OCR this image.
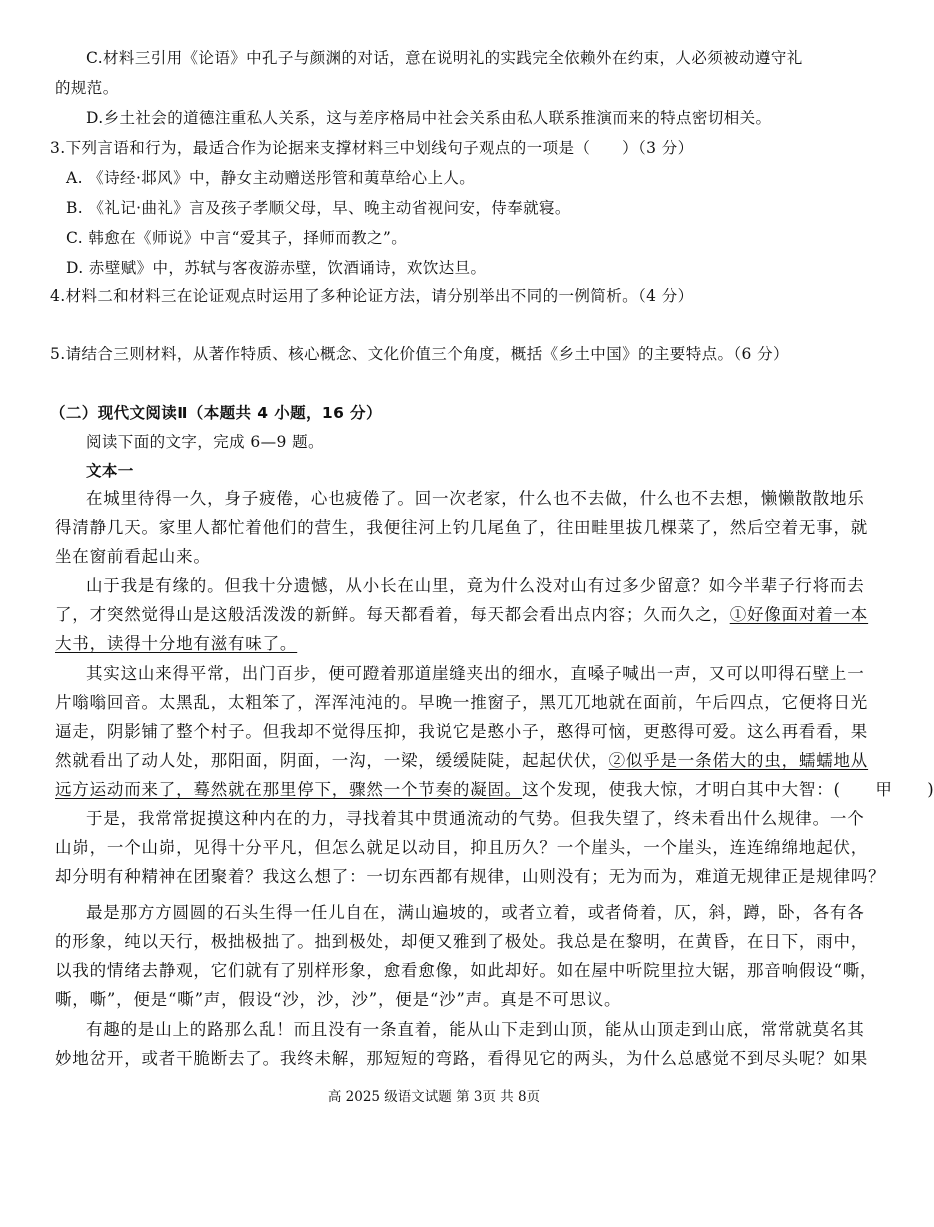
C.材料三引用《论语》中孔子与颜渊的对话，意在说明礼的实践完全依赖外在约束，人必须被动遵守礼
的规范。
D.乡土社会的道德注重私人关系，这与差序格局中社会关系由私人联系推演而来的特点密切相关。
3.下列言语和行为，最适合作为论据来支撑材料三中划线句子观点的一项是（　　）（3 分）
A. 《诗经·邶风》中，静女主动赠送彤管和荑草给心上人。
B. 《礼记·曲礼》言及孩子孝顺父母，早、晚主动省视问安，侍奉就寝。
C. 韩愈在《师说》中言“爱其子，择师而教之”。
D. 赤壁赋》中，苏轼与客夜游赤壁，饮酒诵诗，欢饮达旦。
4.材料二和材料三在论证观点时运用了多种论证方法，请分别举出不同的一例简析。（4 分）
5.请结合三则材料，从著作特质、核心概念、文化价值三个角度，概括《乡土中国》的主要特点。（6 分）
（二）现代文阅读Ⅱ（本题共 4 小题，16 分）
阅读下面的文字，完成 6—9 题。
文本一
在城里待得一久，身子疲倦，心也疲倦了。回一次老家，什么也不去做，什么也不去想，懒懒散散地乐
得清静几天。家里人都忙着他们的营生，我便往河上钓几尾鱼了，往田畦里拔几棵菜了，然后空着无事，就
坐在窗前看起山来。
山于我是有缘的。但我十分遗憾，从小长在山里，竟为什么没对山有过多少留意？如今半辈子行将而去
了，才突然觉得山是这般活泼泼的新鲜。每天都看着，每天都会看出点内容；久而久之，①好像面对着一本
大书，读得十分地有滋有味了。
其实这山来得平常，出门百步，便可蹬着那道崖缝夹出的细水，直嗓子喊出一声，又可以叩得石壁上一
片嗡嗡回音。太黑乱，太粗笨了，浑浑沌沌的。早晚一推窗子，黑兀兀地就在面前，午后四点，它便将日光
逼走，阴影铺了整个村子。但我却不觉得压抑，我说它是憨小子，憨得可恼，更憨得可爱。这么再看看，果
然就看出了动人处，那阳面，阴面，一沟，一梁，缓缓陡陡，起起伏伏，②似乎是一条偌大的虫，蠕蠕地从
远方运动而来了，蓦然就在那里停下，骤然一个节奏的凝固。这个发现，使我大惊，才明白其中大智：(　　甲　　)
于是，我常常捉摸这种内在的力，寻找着其中贯通流动的气势。但我失望了，终未看出什么规律。一个
山峁，一个山峁，见得十分平凡，但怎么就足以动目，抑且历久？一个崖头，一个崖头，连连绵绵地起伏，
却分明有种精神在团聚着？我这么想了：一切东西都有规律，山则没有；无为而为，难道无规律正是规律吗？
最是那方方圆圆的石头生得一任儿自在，满山遍坡的，或者立着，或者倚着，仄，斜，蹲，卧，各有各
的形象，纯以天行，极拙极拙了。拙到极处，却便又雅到了极处。我总是在黎明，在黄昏，在日下，雨中，
以我的情绪去静观，它们就有了别样形象，愈看愈像，如此却好。如在屋中听院里拉大锯，那音响假设“嘶，
嘶，嘶”，便是“嘶”声，假设“沙，沙，沙”，便是“沙”声。真是不可思议。
有趣的是山上的路那么乱！而且没有一条直着，能从山下走到山顶，能从山顶走到山底，常常就莫名其
妙地岔开，或者干脆断去了。我终未解，那短短的弯路，看得见它的两头，为什么总感觉不到尽头呢？如果
高 2025 级语文试题 第 3页 共 8页
